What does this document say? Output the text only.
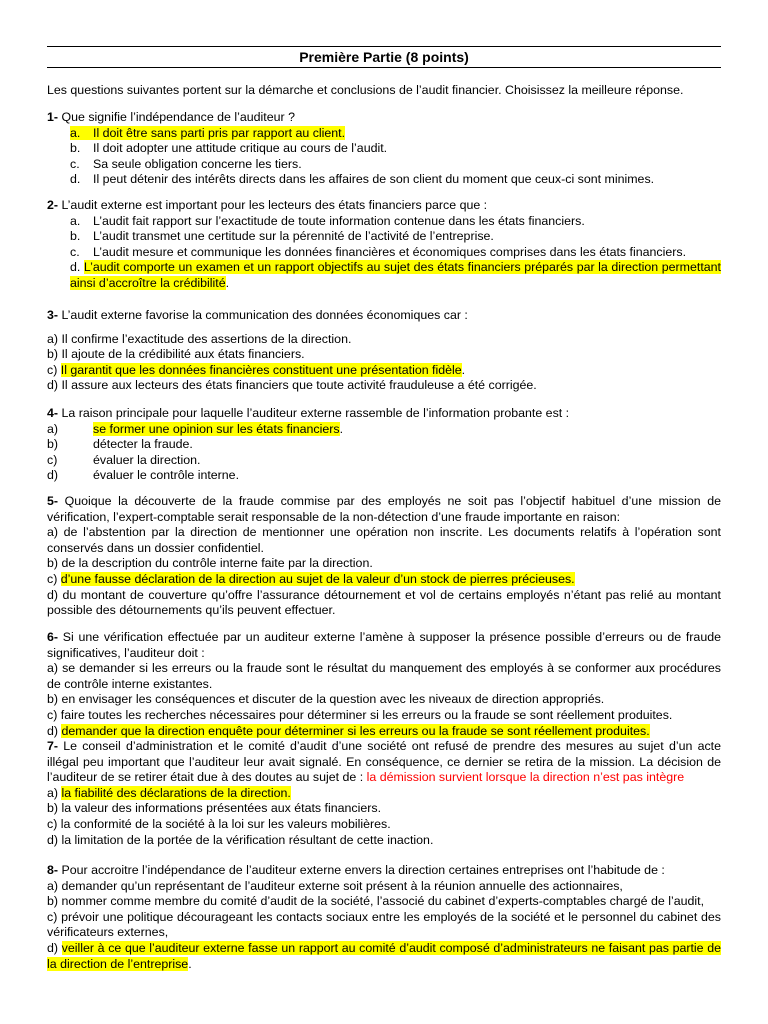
Première Partie (8 points)
Les questions suivantes portent sur la démarche et conclusions de l’audit financier. Choisissez la meilleure réponse.
1- Que signifie l’indépendance de l’auditeur ?
a. Il doit être sans parti pris par rapport au client.
b. Il doit adopter une attitude critique au cours de l’audit.
c. Sa seule obligation concerne les tiers.
d. Il peut détenir des intérêts directs dans les affaires de son client du moment que ceux-ci sont minimes.
2- L’audit externe est important pour les lecteurs des états financiers parce que :
a. L’audit fait rapport sur l’exactitude de toute information contenue dans les états financiers.
b. L’audit transmet une certitude sur la pérennité de l’activité de l’entreprise.
c. L’audit mesure et communique les données financières et économiques comprises dans les états financiers.
d. L’audit comporte un examen et un rapport objectifs au sujet des états financiers préparés par la direction permettant ainsi d’accroître la crédibilité.
3- L’audit externe favorise la communication des données économiques car :
a) Il confirme l’exactitude des assertions de la direction.
b) Il ajoute de la crédibilité aux états financiers.
c) Il garantit que les données financières constituent une présentation fidèle.
d) Il assure aux lecteurs des états financiers que toute activité frauduleuse a été corrigée.
4- La raison principale pour laquelle l’auditeur externe rassemble de l’information probante est :
a)	se former une opinion sur les états financiers.
b)	détecter la fraude.
c)	évaluer la direction.
d)	évaluer le contrôle interne.
5- Quoique la découverte de la fraude commise par des employés ne soit pas l’objectif habituel d’une mission de vérification, l’expert-comptable serait responsable de la non-détection d’une fraude importante en raison:
a) de l’abstention par la direction de mentionner une opération non inscrite. Les documents relatifs à l’opération sont conservés dans un dossier confidentiel.
b) de la description du contrôle interne faite par la direction.
c) d’une fausse déclaration de la direction au sujet de la valeur d’un stock de pierres précieuses.
d) du montant de couverture qu’offre l’assurance détournement et vol de certains employés n’étant pas relié au montant possible des détournements qu’ils peuvent effectuer.
6- Si une vérification effectuée par un auditeur externe l’amène à supposer la présence possible d’erreurs ou de fraude significatives, l’auditeur doit :
a) se demander si les erreurs ou la fraude sont le résultat du manquement des employés à se conformer aux procédures de contrôle interne existantes.
b) en envisager les conséquences et discuter de la question avec les niveaux de direction appropriés.
c) faire toutes les recherches nécessaires pour déterminer si les erreurs ou la fraude se sont réellement produites.
d) demander que la direction enquête pour déterminer si les erreurs ou la fraude se sont réellement produites.
7- Le conseil d’administration et le comité d’audit d’une société ont refusé de prendre des mesures au sujet d’un acte illégal peu important que l’auditeur leur avait signalé. En conséquence, ce dernier se retira de la mission. La décision de l’auditeur de se retirer était due à des doutes au sujet de : la démission survient lorsque la direction n’est pas intègre
a) la fiabilité des déclarations de la direction.
b) la valeur des informations présentées aux états financiers.
c) la conformité de la société à la loi sur les valeurs mobilières.
d) la limitation de la portée de la vérification résultant de cette inaction.
8- Pour accroitre l’indépendance de l’auditeur externe envers la direction certaines entreprises ont l’habitude de :
a) demander qu’un représentant de l’auditeur externe soit présent à la réunion annuelle des actionnaires,
b) nommer comme membre du comité d’audit de la société, l’associé du cabinet d’experts-comptables chargé de l’audit,
c) prévoir une politique décourageant les contacts sociaux entre les employés de la société et le personnel du cabinet des vérificateurs externes,
d) veiller à ce que l’auditeur externe fasse un rapport au comité d’audit composé d’administrateurs ne faisant pas partie de la direction de l’entreprise.
